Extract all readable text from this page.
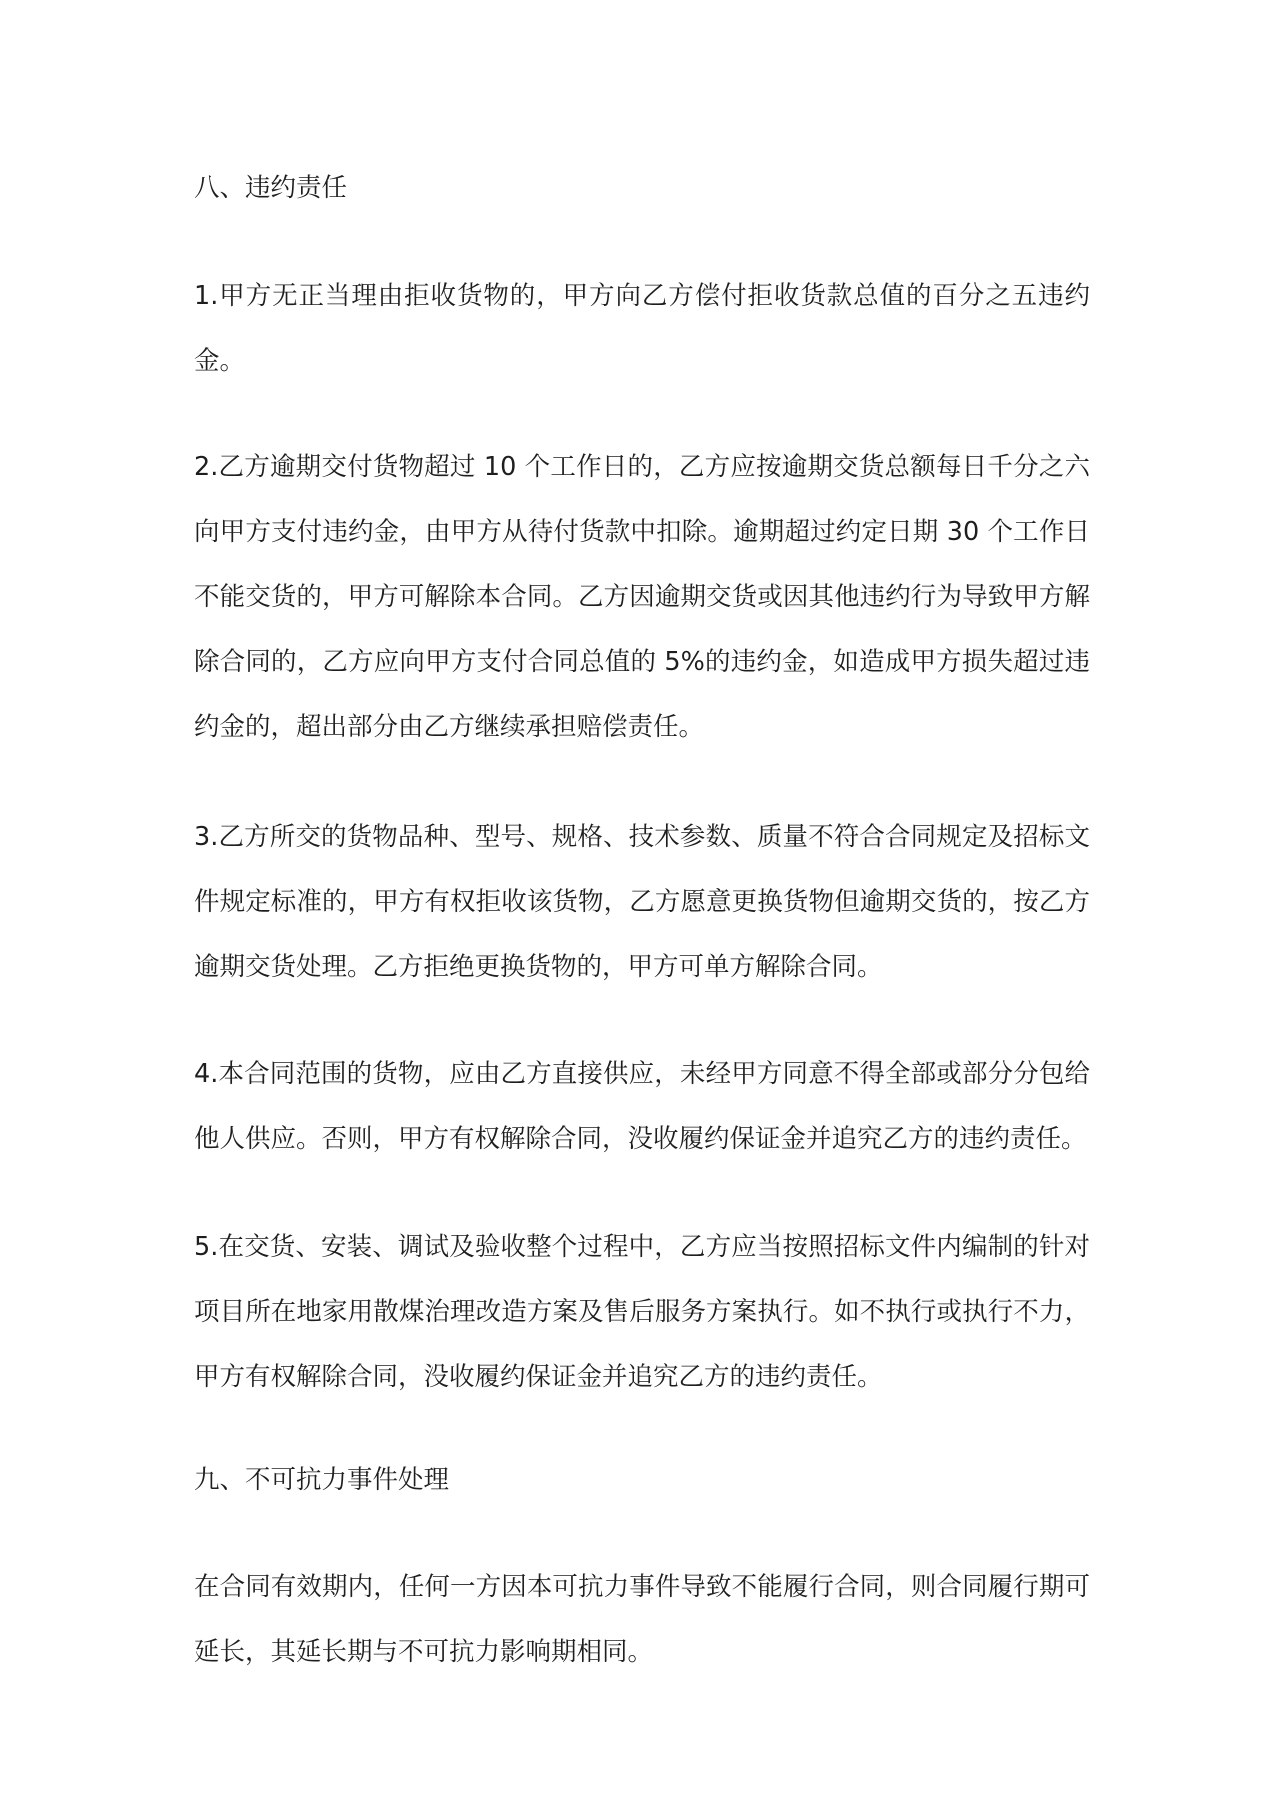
八、违约责任

1.甲方无正当理由拒收货物的，甲方向乙方偿付拒收货款总值的百分之五违约金。

2.乙方逾期交付货物超过 10 个工作日的，乙方应按逾期交货总额每日千分之六向甲方支付违约金，由甲方从待付货款中扣除。逾期超过约定日期 30 个工作日不能交货的，甲方可解除本合同。乙方因逾期交货或因其他违约行为导致甲方解除合同的，乙方应向甲方支付合同总值的 5%的违约金，如造成甲方损失超过违约金的，超出部分由乙方继续承担赔偿责任。

3.乙方所交的货物品种、型号、规格、技术参数、质量不符合合同规定及招标文件规定标准的，甲方有权拒收该货物，乙方愿意更换货物但逾期交货的，按乙方逾期交货处理。乙方拒绝更换货物的，甲方可单方解除合同。

4.本合同范围的货物，应由乙方直接供应，未经甲方同意不得全部或部分分包给他人供应。否则，甲方有权解除合同，没收履约保证金并追究乙方的违约责任。

5.在交货、安装、调试及验收整个过程中，乙方应当按照招标文件内编制的针对项目所在地家用散煤治理改造方案及售后服务方案执行。如不执行或执行不力，甲方有权解除合同，没收履约保证金并追究乙方的违约责任。

九、不可抗力事件处理

在合同有效期内，任何一方因本可抗力事件导致不能履行合同，则合同履行期可延长，其延长期与不可抗力影响期相同。
